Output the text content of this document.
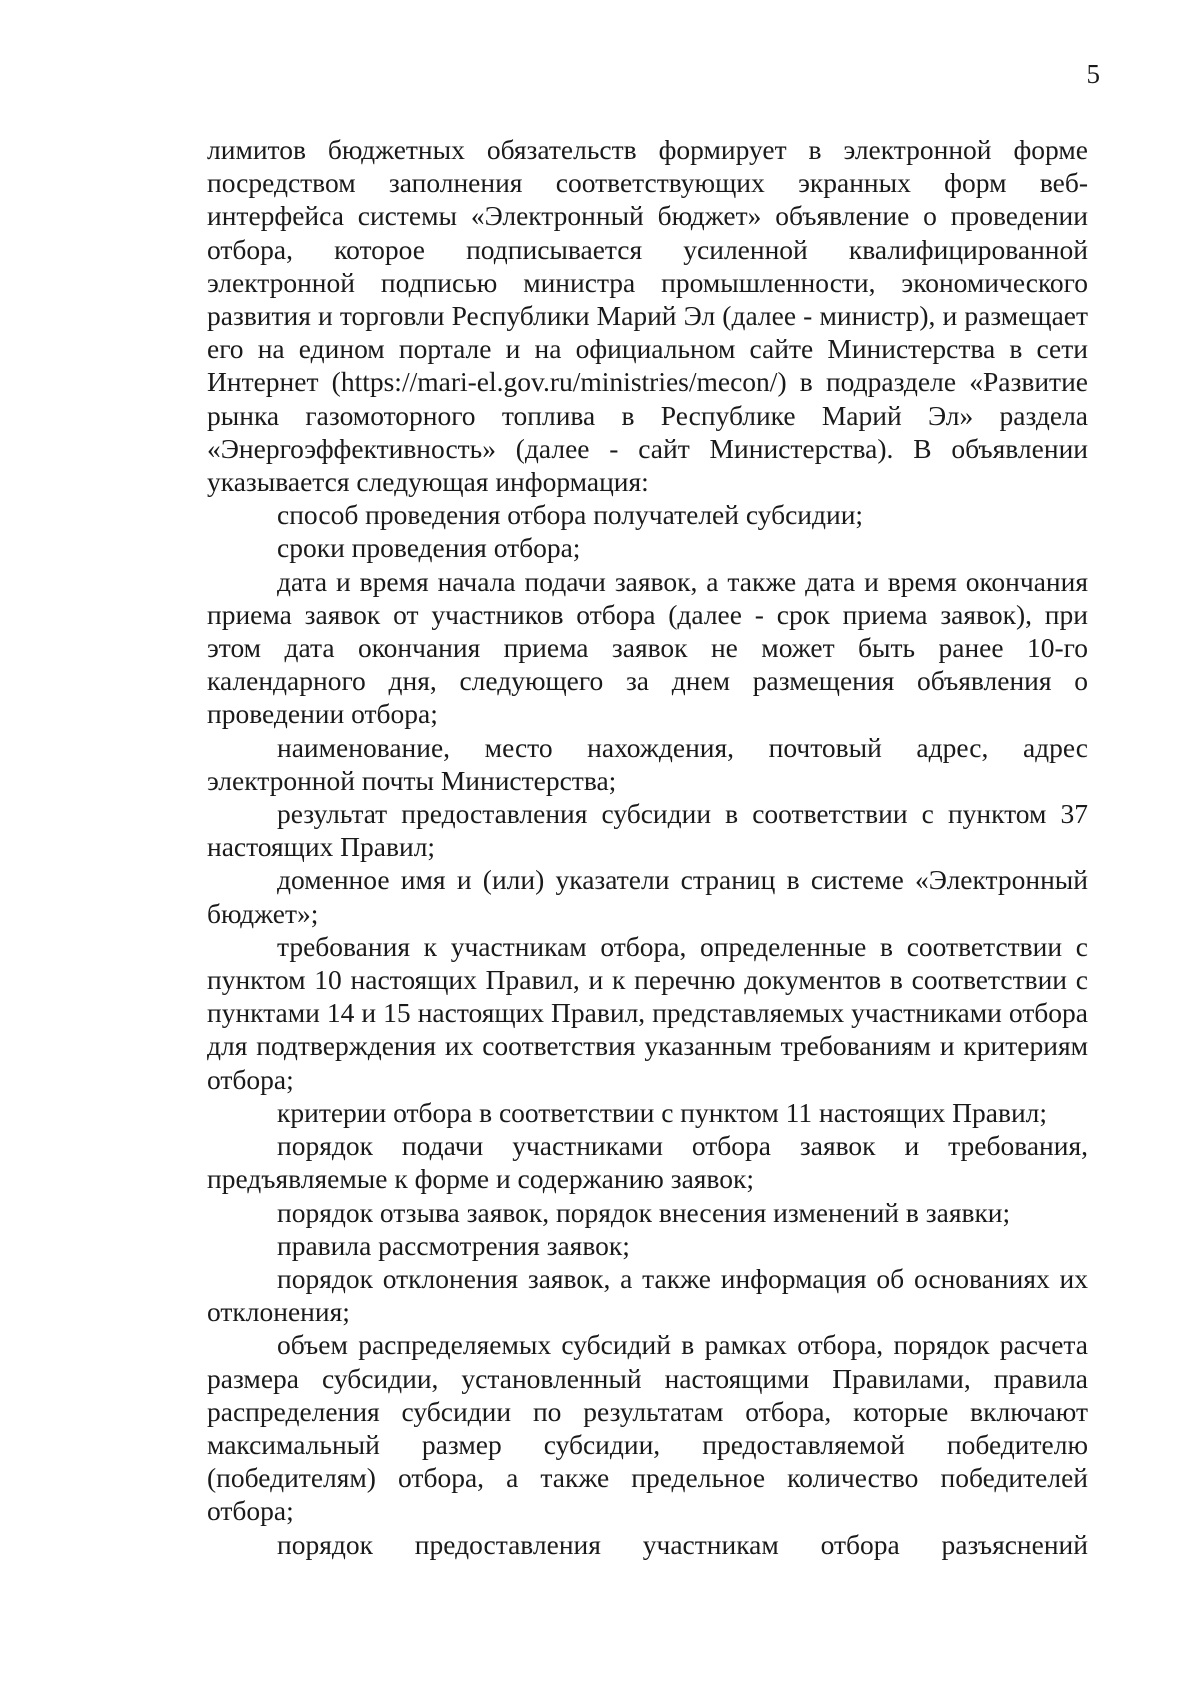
5

лимитов бюджетных обязательств формирует в электронной форме посредством заполнения соответствующих экранных форм веб-интерфейса системы «Электронный бюджет» объявление о проведении отбора, которое подписывается усиленной квалифицированной электронной подписью министра промышленности, экономического развития и торговли Республики Марий Эл (далее - министр), и размещает его на едином портале и на официальном сайте Министерства в сети Интернет (https://mari-el.gov.ru/ministries/mecon/) в подразделе «Развитие рынка газомоторного топлива в Республике Марий Эл» раздела «Энергоэффективность» (далее - сайт Министерства). В объявлении указывается следующая информация:

способ проведения отбора получателей субсидии;

сроки проведения отбора;

дата и время начала подачи заявок, а также дата и время окончания приема заявок от участников отбора (далее - срок приема заявок), при этом дата окончания приема заявок не может быть ранее 10-го календарного дня, следующего за днем размещения объявления о проведении отбора;

наименование, место нахождения, почтовый адрес, адрес электронной почты Министерства;

результат предоставления субсидии в соответствии с пунктом 37 настоящих Правил;

доменное имя и (или) указатели страниц в системе «Электронный бюджет»;

требования к участникам отбора, определенные в соответствии с пунктом 10 настоящих Правил, и к перечню документов в соответствии с пунктами 14 и 15 настоящих Правил, представляемых участниками отбора для подтверждения их соответствия указанным требованиям и критериям отбора;

критерии отбора в соответствии с пунктом 11 настоящих Правил;

порядок подачи участниками отбора заявок и требования, предъявляемые к форме и содержанию заявок;

порядок отзыва заявок, порядок внесения изменений в заявки;

правила рассмотрения заявок;

порядок отклонения заявок, а также информация об основаниях их отклонения;

объем распределяемых субсидий в рамках отбора, порядок расчета размера субсидии, установленный настоящими Правилами, правила распределения субсидии по результатам отбора, которые включают максимальный размер субсидии, предоставляемой победителю (победителям) отбора, а также предельное количество победителей отбора;

порядок предоставления участникам отбора разъяснений
